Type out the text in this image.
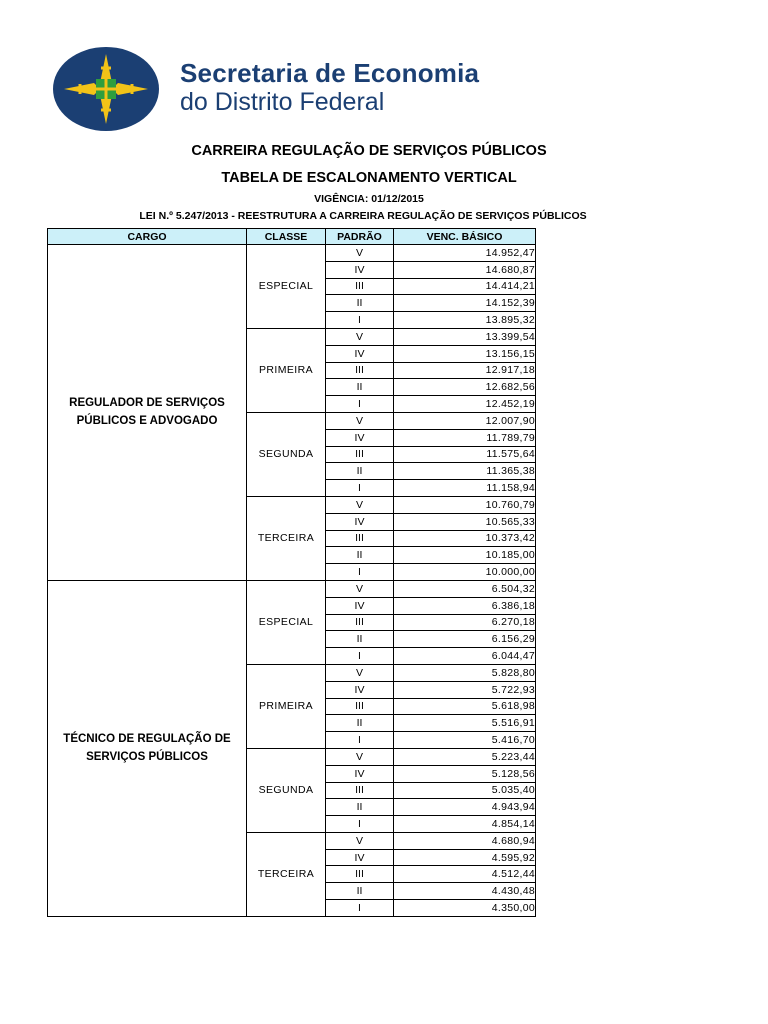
Secretaria de Economia
do Distrito Federal
CARREIRA REGULAÇÃO DE SERVIÇOS PÚBLICOS
TABELA DE ESCALONAMENTO VERTICAL
VIGÊNCIA: 01/12/2015
LEI N.º 5.247/2013 - REESTRUTURA A CARREIRA REGULAÇÃO DE SERVIÇOS PÚBLICOS
CARGO	CLASSE	PADRÃO	VENC. BÁSICO
REGULADOR DE SERVIÇOS PÚBLICOS E ADVOGADO	ESPECIAL	V	14.952,47
		IV	14.680,87
		III	14.414,21
		II	14.152,39
		I	13.895,32
	PRIMEIRA	V	13.399,54
		IV	13.156,15
		III	12.917,18
		II	12.682,56
		I	12.452,19
	SEGUNDA	V	12.007,90
		IV	11.789,79
		III	11.575,64
		II	11.365,38
		I	11.158,94
	TERCEIRA	V	10.760,79
		IV	10.565,33
		III	10.373,42
		II	10.185,00
		I	10.000,00
TÉCNICO DE REGULAÇÃO DE SERVIÇOS PÚBLICOS	ESPECIAL	V	6.504,32
		IV	6.386,18
		III	6.270,18
		II	6.156,29
		I	6.044,47
	PRIMEIRA	V	5.828,80
		IV	5.722,93
		III	5.618,98
		II	5.516,91
		I	5.416,70
	SEGUNDA	V	5.223,44
		IV	5.128,56
		III	5.035,40
		II	4.943,94
		I	4.854,14
	TERCEIRA	V	4.680,94
		IV	4.595,92
		III	4.512,44
		II	4.430,48
		I	4.350,00
